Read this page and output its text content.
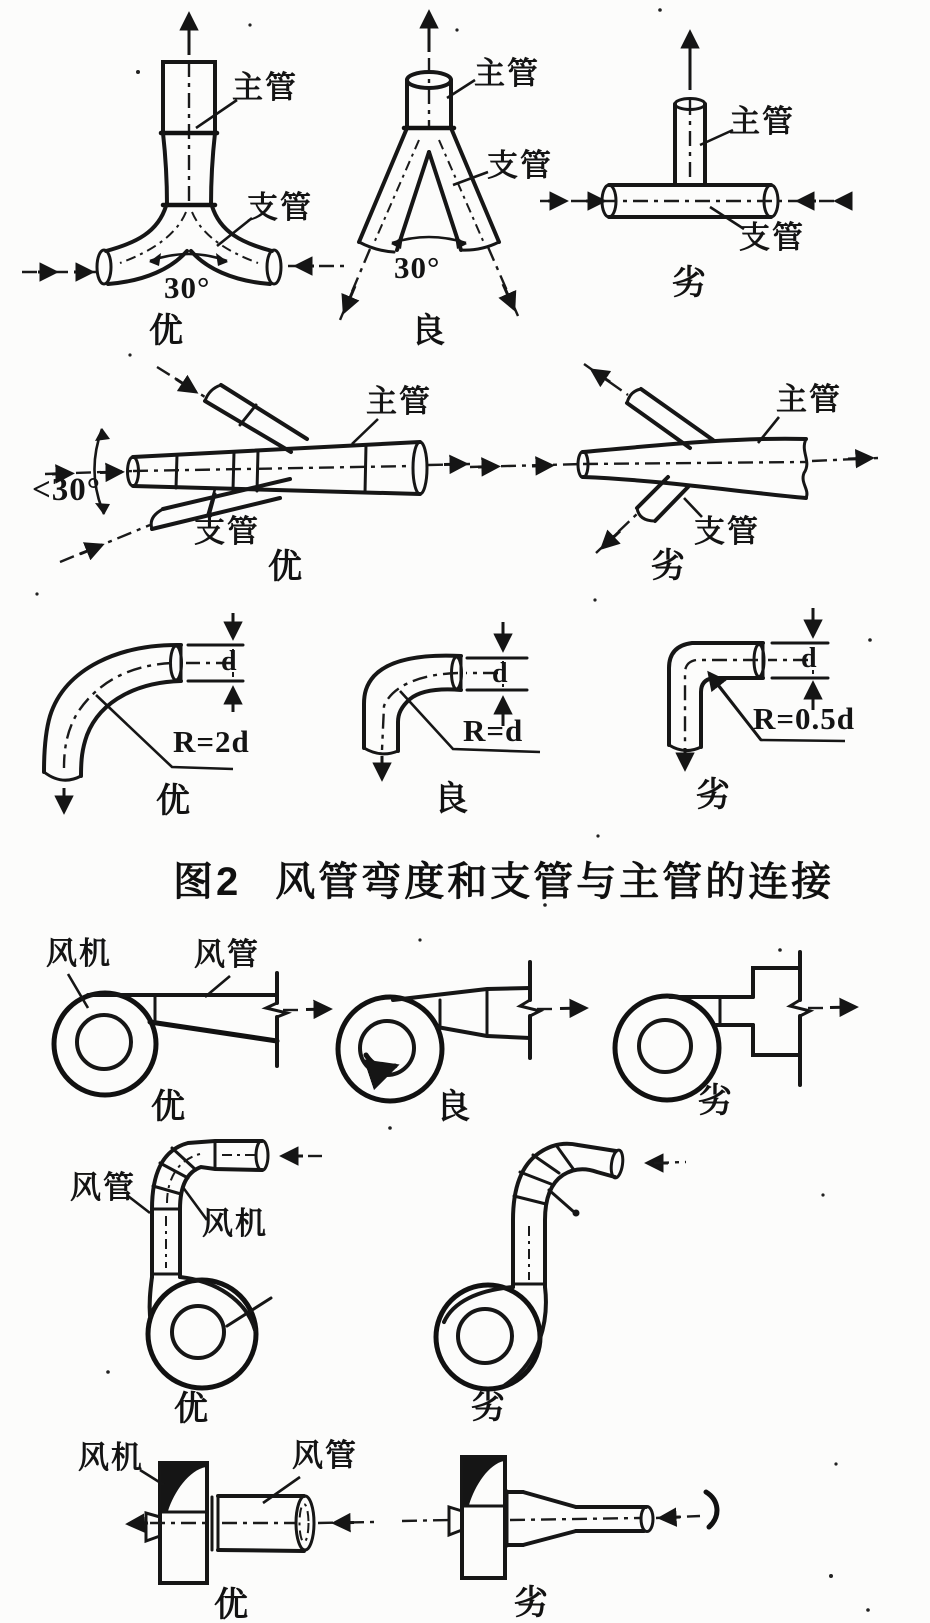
主管
支管
30°
优
主管
支管
30°
良
主管
支管
劣
主管
支管
<30°
优
主管
支管
劣
d
R=2d
优
d
R=d
良
d
R=0.5d
劣
图2 风管弯度和支管与主管的连接
风机	风管
优	良	劣
风管
风机
优	劣
风机	风管
优	劣
